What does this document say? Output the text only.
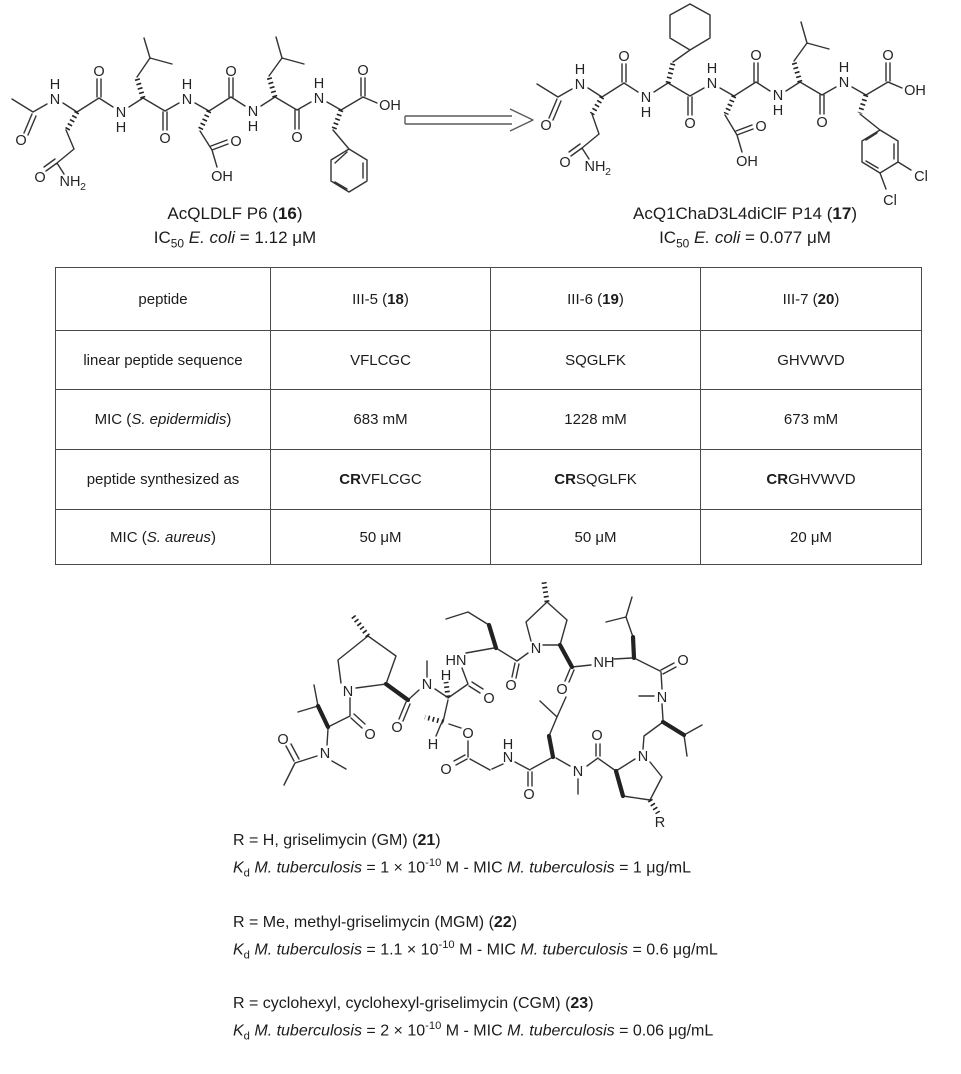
O
H
N
O NH 2
O
N
H
O
H
N
O
OH
O
N
H
O
H
N
O
OH
O
H
N
O NH 2
O
N
H
O
H
N
O
OH
O
N
H
O
H
N
O
OH
Cl
Cl
AcQLDLF P6 (16)
$IC_{50}$ E. coli = 1.12 μM
AcQ1ChaD3L4diClF P14 (17)
$IC_{50}$ E. coli = 0.077 μM
peptide	III-5 (18)	III-6 (19)	III-7 (20)
linear peptide sequence	VFLCGC	SQGLFK	GHVWVD
MIC (S. epidermidis)	683 mM	1228 mM	673 mM
peptide synthesized as	CRVFLCGC	CRSQGLFK	CRGHVWVD
MIC (S. aureus)	50 μM	50 μM	20 μM
O
N
O
N
O
N
H
HN
O
O
N
O
NH	O
N
O
O
H	H
N
O
N
O
N
R
R = H, griselimycin (GM) (21)
$K_d$ M. tuberculosis = $1 \times 10^{-10}$ M - MIC M. tuberculosis = 1 μg/mL
R = Me, methyl-griselimycin (MGM) (22)
$K_d$ M. tuberculosis = $1.1 \times 10^{-10}$ M - MIC M. tuberculosis = 0.6 μg/mL
R = cyclohexyl, cyclohexyl-griselimycin (CGM) (23)
$K_d$ M. tuberculosis = $2 \times 10^{-10}$ M - MIC M. tuberculosis = 0.06 μg/mL
